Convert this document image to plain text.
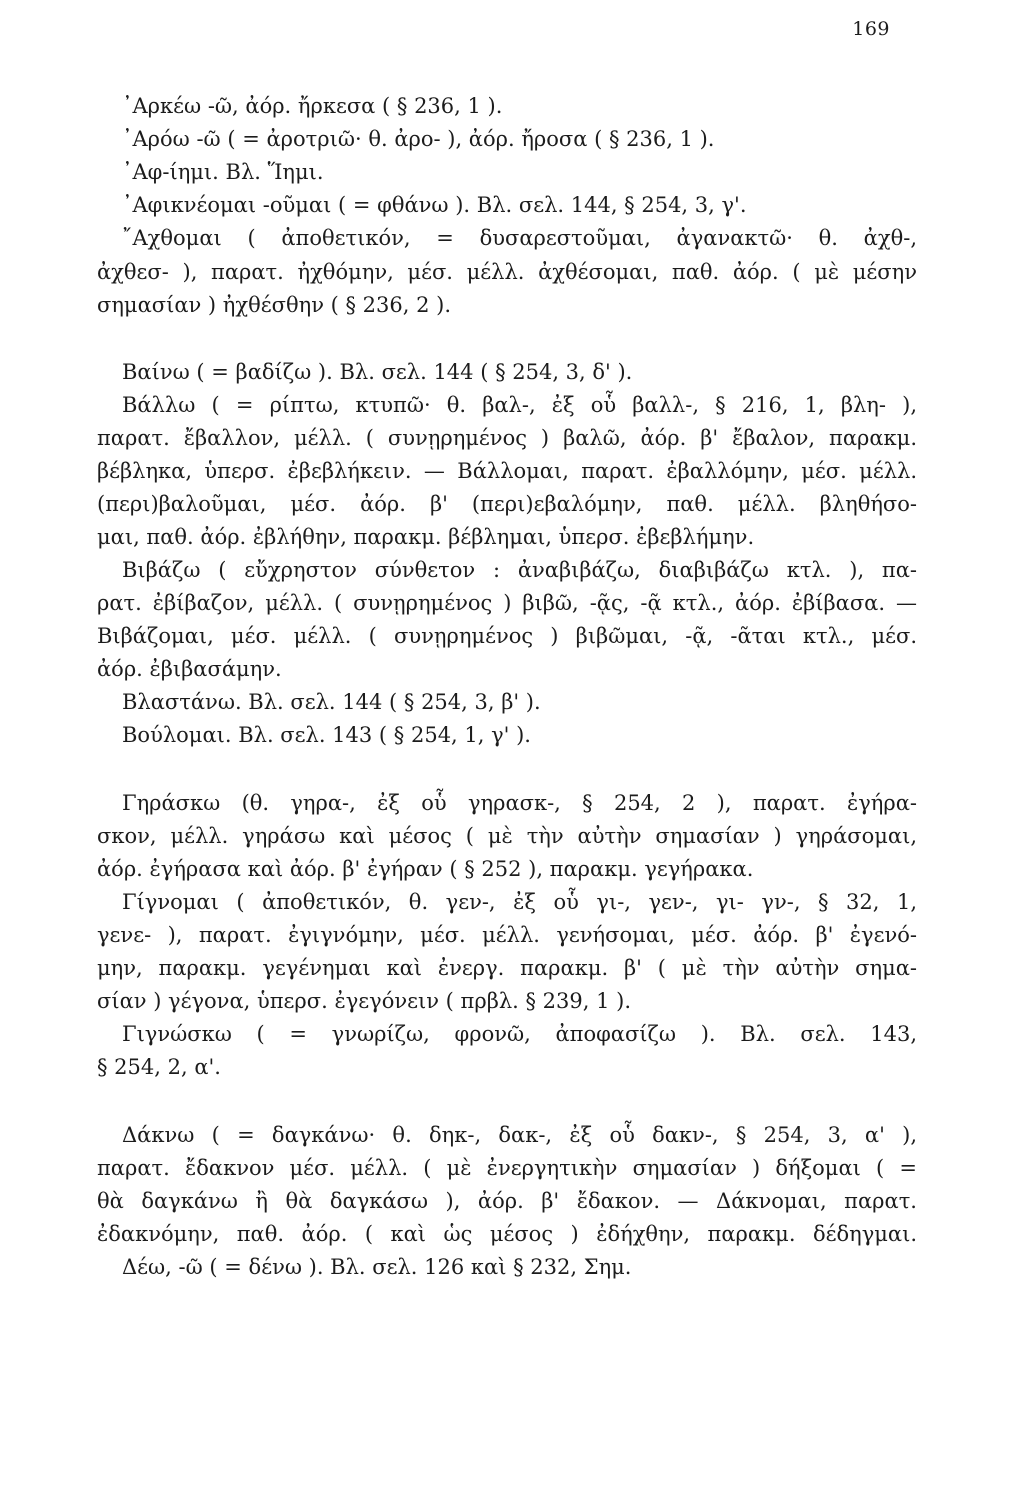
169
᾿Αρκέω -ῶ, ἀόρ. ἤρκεσα ( § 236, 1 ).
᾿Αρόω -ῶ ( = ἀροτριῶ· θ. ἀρο- ), ἀόρ. ἤροσα ( § 236, 1 ).
᾿Αφ-ίημι. Βλ. Ἵημι.
᾿Αφικνέομαι -οῦμαι ( = φθάνω ). Βλ. σελ. 144, § 254, 3, γ'.
῎Αχθομαι ( ἀποθετικόν, = δυσαρεστοῦμαι, ἀγανακτῶ· θ. ἀχθ-,
ἀχθεσ- ), παρατ. ἠχθόμην, μέσ. μέλλ. ἀχθέσομαι, παθ. ἀόρ. ( μὲ μέσην
σημασίαν ) ἠχθέσθην ( § 236, 2 ).
Βαίνω ( = βαδίζω ). Βλ. σελ. 144 ( § 254, 3, δ' ).
Βάλλω ( = ρίπτω, κτυπῶ· θ. βαλ-, ἐξ οὗ βαλλ-, § 216, 1, βλη- ),
παρατ. ἔβαλλον, μέλλ. ( συνῃρημένος ) βαλῶ, ἀόρ. β' ἔβαλον, παρακμ.
βέβληκα, ὑπερσ. ἐβεβλήκειν. — Βάλλομαι, παρατ. ἐβαλλόμην, μέσ. μέλλ.
(περι)βαλοῦμαι, μέσ. ἀόρ. β' (περι)εβαλόμην, παθ. μέλλ. βληθήσο-
μαι, παθ. ἀόρ. ἐβλήθην, παρακμ. βέβλημαι, ὑπερσ. ἐβεβλήμην.
Βιβάζω ( εὔχρηστον σύνθετον : ἀναβιβάζω, διαβιβάζω κτλ. ), πα-
ρατ. ἐβίβαζον, μέλλ. ( συνῃρημένος ) βιβῶ, -ᾷς, -ᾷ κτλ., ἀόρ. ἐβίβασα. —
Βιβάζομαι, μέσ. μέλλ. ( συνῃρημένος ) βιβῶμαι, -ᾷ, -ᾶται κτλ., μέσ.
ἀόρ. ἐβιβασάμην.
Βλαστάνω. Βλ. σελ. 144 ( § 254, 3, β' ).
Βούλομαι. Βλ. σελ. 143 ( § 254, 1, γ' ).
Γηράσκω (θ. γηρα-, ἐξ οὗ γηρασκ-, § 254, 2 ), παρατ. ἐγήρα-
σκον, μέλλ. γηράσω καὶ μέσος ( μὲ τὴν αὐτὴν σημασίαν ) γηράσομαι,
ἀόρ. ἐγήρασα καὶ ἀόρ. β' ἐγήραν ( § 252 ), παρακμ. γεγήρακα.
Γίγνομαι ( ἀποθετικόν, θ. γεν-, ἐξ οὗ γι-, γεν-, γι- γν-, § 32, 1,
γενε- ), παρατ. ἐγιγνόμην, μέσ. μέλλ. γενήσομαι, μέσ. ἀόρ. β' ἐγενό-
μην, παρακμ. γεγένημαι καὶ ἐνεργ. παρακμ. β' ( μὲ τὴν αὐτὴν σημα-
σίαν ) γέγονα, ὑπερσ. ἐγεγόνειν ( πρβλ. § 239, 1 ).
Γιγνώσκω ( = γνωρίζω, φρονῶ, ἀποφασίζω ). Βλ. σελ. 143,
§ 254, 2, α'.
Δάκνω ( = δαγκάνω· θ. δηκ-, δακ-, ἐξ οὗ δακν-, § 254, 3, α' ),
παρατ. ἔδακνον μέσ. μέλλ. ( μὲ ἐνεργητικὴν σημασίαν ) δήξομαι ( =
θὰ δαγκάνω ἢ θὰ δαγκάσω ), ἀόρ. β' ἔδακον. — Δάκνομαι, παρατ.
ἐδακνόμην, παθ. ἀόρ. ( καὶ ὡς μέσος ) ἐδήχθην, παρακμ. δέδηγμαι.
Δέω, -ῶ ( = δένω ). Βλ. σελ. 126 καὶ § 232, Σημ.
